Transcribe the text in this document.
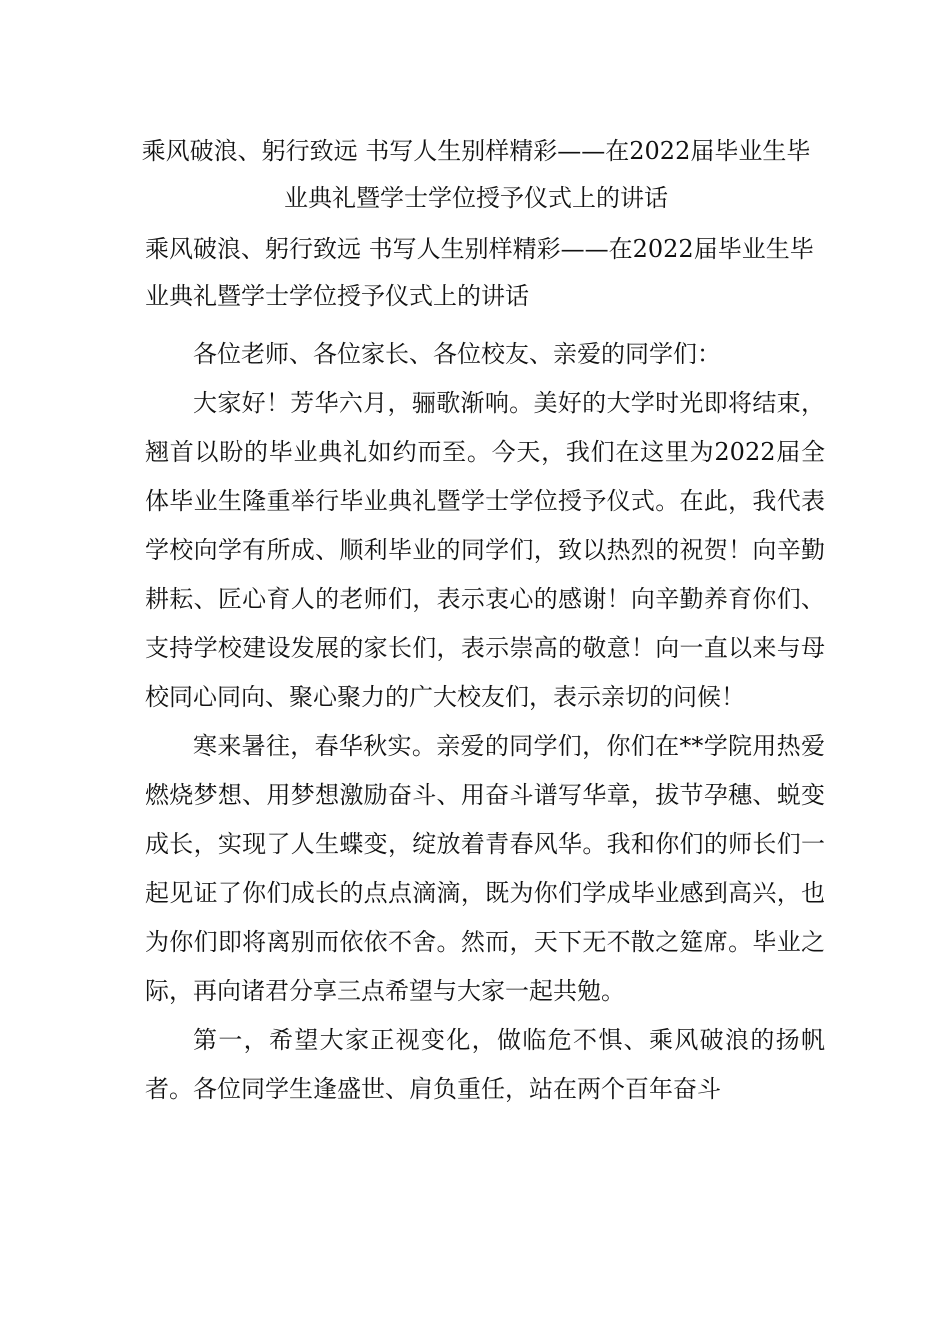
乘风破浪、躬行致远 书写人生别样精彩——在2022届毕业生毕业典礼暨学士学位授予仪式上的讲话

乘风破浪、躬行致远 书写人生别样精彩——在2022届毕业生毕业典礼暨学士学位授予仪式上的讲话

各位老师、各位家长、各位校友、亲爱的同学们：

大家好！芳华六月，骊歌渐响。美好的大学时光即将结束，翘首以盼的毕业典礼如约而至。今天，我们在这里为2022届全体毕业生隆重举行毕业典礼暨学士学位授予仪式。在此，我代表学校向学有所成、顺利毕业的同学们，致以热烈的祝贺！向辛勤耕耘、匠心育人的老师们，表示衷心的感谢！向辛勤养育你们、支持学校建设发展的家长们，表示崇高的敬意！向一直以来与母校同心同向、聚心聚力的广大校友们，表示亲切的问候！

寒来暑往，春华秋实。亲爱的同学们，你们在**学院用热爱燃烧梦想、用梦想激励奋斗、用奋斗谱写华章，拔节孕穗、蜕变成长，实现了人生蝶变，绽放着青春风华。我和你们的师长们一起见证了你们成长的点点滴滴，既为你们学成毕业感到高兴，也为你们即将离别而依依不舍。然而，天下无不散之筵席。毕业之际，再向诸君分享三点希望与大家一起共勉。

第一，希望大家正视变化，做临危不惧、乘风破浪的扬帆者。各位同学生逢盛世、肩负重任，站在两个百年奋斗
